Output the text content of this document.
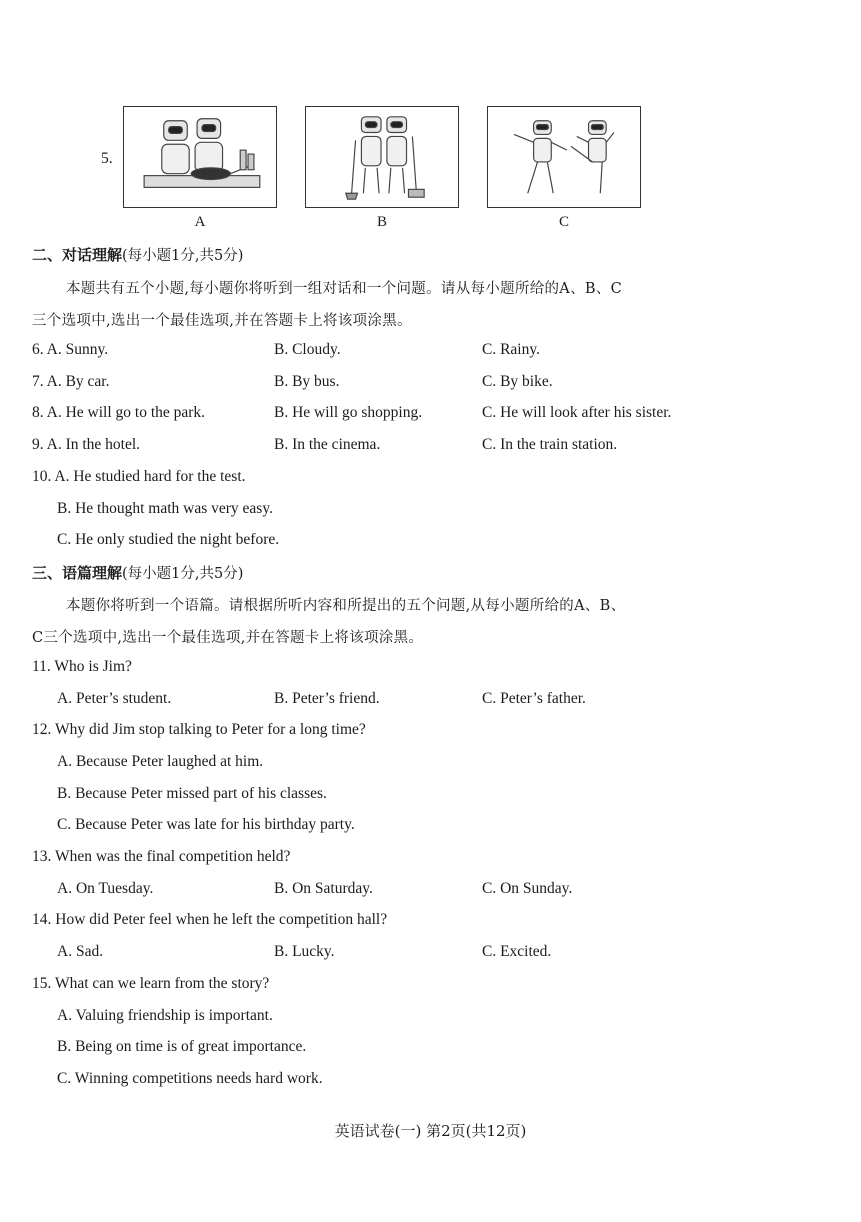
5.
A	B	C
二、对话理解(每小题1分,共5分)
本题共有五个小题,每小题你将听到一组对话和一个问题。请从每小题所给的A、B、C
三个选项中,选出一个最佳选项,并在答题卡上将该项涂黑。
6. A. Sunny.	B. Cloudy.	C. Rainy.
7. A. By car.	B. By bus.	C. By bike.
8. A. He will go to the park.	B. He will go shopping.	C. He will look after his sister.
9. A. In the hotel.	B. In the cinema.	C. In the train station.
10. A. He studied hard for the test.
B. He thought math was very easy.
C. He only studied the night before.
三、语篇理解(每小题1分,共5分)
本题你将听到一个语篇。请根据所听内容和所提出的五个问题,从每小题所给的A、B、
C三个选项中,选出一个最佳选项,并在答题卡上将该项涂黑。
11. Who is Jim?
A. Peter’s student.	B. Peter’s friend.	C. Peter’s father.
12. Why did Jim stop talking to Peter for a long time?
A. Because Peter laughed at him.
B. Because Peter missed part of his classes.
C. Because Peter was late for his birthday party.
13. When was the final competition held?
A. On Tuesday.	B. On Saturday.	C. On Sunday.
14. How did Peter feel when he left the competition hall?
A. Sad.	B. Lucky.	C. Excited.
15. What can we learn from the story?
A. Valuing friendship is important.
B. Being on time is of great importance.
C. Winning competitions needs hard work.
英语试卷(一) 第2页(共12页)
